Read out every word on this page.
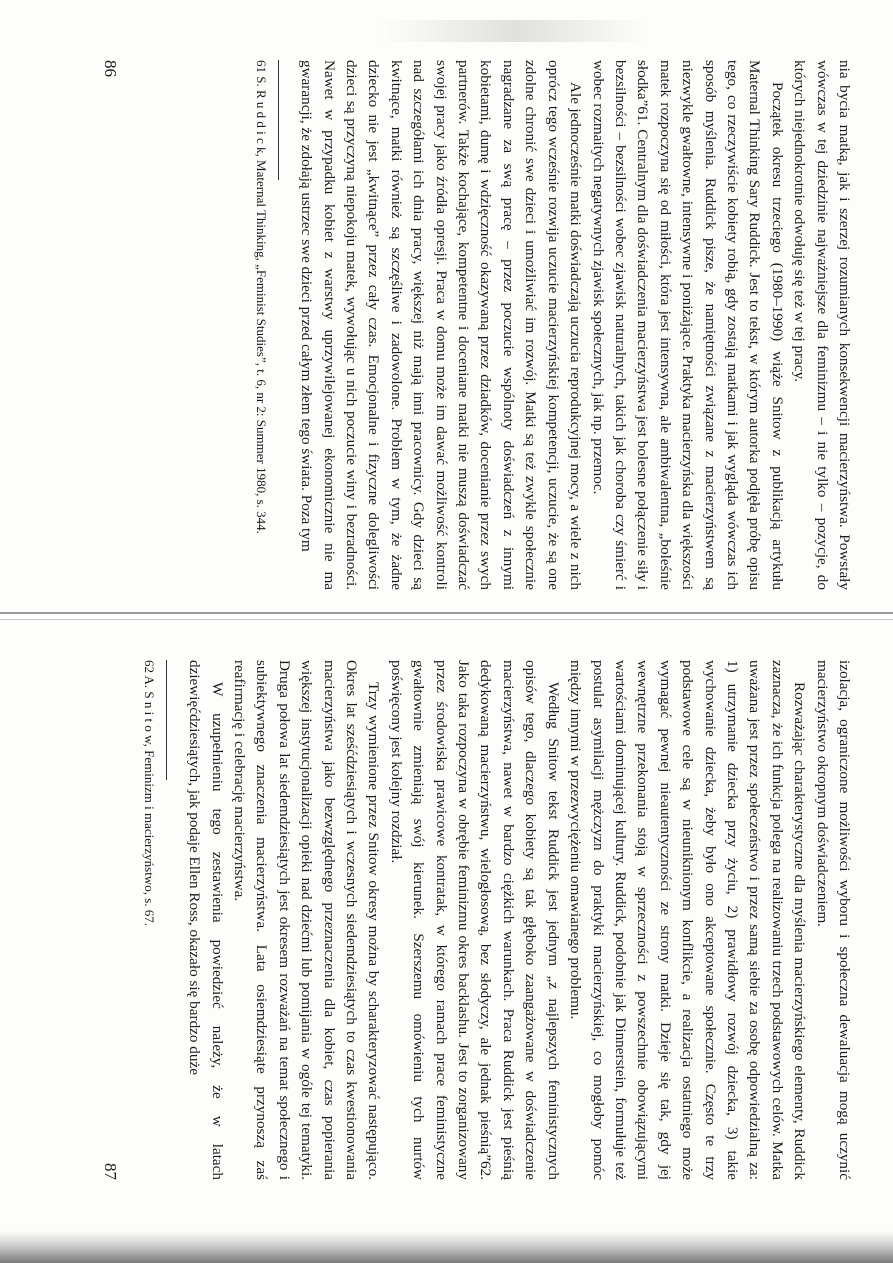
nia bycia matką, jak i szerzej rozumianych konsekwencji macierzyństwa. Powstały wówczas w tej dziedzinie najważniejsze dla feminizmu – i nie tylko – pozycje, do których niejednokrotnie odwołuję się też w tej pracy.

Początek okresu trzeciego (1980–1990) wiąże Snitow z publikacją artykułu Maternal Thinking Sary Ruddick. Jest to tekst, w którym autorka podjęła próbę opisu tego, co rzeczywiście kobiety robią, gdy zostają matkami i jak wygląda wówczas ich sposób myślenia. Ruddick pisze, że namiętności związane z macierzyństwem są niezwykle gwałtowne, intensywne i poniżające. Praktyka macierzyńska dla większości matek rozpoczyna się od miłości, która jest intensywna, ale ambiwalentna, „boleśnie słodka”61. Centralnym dla doświadczenia macierzyństwa jest bolesne połączenie siły i bezsilności – bezsilności wobec zjawisk naturalnych, takich jak choroba czy śmierć i wobec rozmaitych negatywnych zjawisk społecznych, jak np. przemoc.

Ale jednocześnie matki doświadczają uczucia reprodukcyjnej mocy, a wiele z nich oprócz tego wcześnie rozwija uczucie macierzyńskiej kompetencji, uczucie, że są one zdolne chronić swe dzieci i umożliwiać im rozwój. Matki są też zwykle społecznie nagradzane za swą pracę – przez poczucie wspólnoty doświadczeń z innymi kobietami, dumę i wdzięczność okazywaną przez dziadków, docenianie przez swych partnerów. Także kochające, kompetentne i doceniane matki nie muszą doświadczać swojej pracy jako źródła opresji. Praca w domu może im dawać możliwość kontroli nad szczegółami ich dnia pracy, większej niż mają inni pracownicy. Gdy dzieci są kwitnące, matki również są szczęśliwe i zadowolone. Problem w tym, że żadne dziecko nie jest „kwitnące” przez cały czas. Emocjonalne i fizyczne dolegliwości dzieci są przyczyną niepokoju matek, wywołując u nich poczucie winy i bezradności. Nawet w przypadku kobiet z warstwy uprzywilejowanej ekonomicznie nie ma gwarancji, że zdołają ustrzec swe dzieci przed całym złem tego świata. Poza tym

61 S. R u d d i c k, Maternal Thinking, „Feminist Studies”, t. 6, nr 2: Summer 1980, s. 344.
86

izolacja, ograniczone możliwości wyboru i społeczna dewaluacja mogą uczynić macierzyństwo okropnym doświadczeniem.

Rozważając charakterystyczne dla myślenia macierzyńskiego elementy, Ruddick zaznacza, że ich funkcja polega na realizowaniu trzech podstawowych celów. Matka uważana jest przez społeczeństwo i przez samą siebie za osobę odpowiedzialną za: 1) utrzymanie dziecka przy życiu, 2) prawidłowy rozwój dziecka, 3) takie wychowanie dziecka, żeby było ono akceptowane społecznie. Często te trzy podstawowe cele są w nieuniknionym konflikcie, a realizacja ostatniego może wymagać pewnej nieautentyczności ze strony matki. Dzieje się tak, gdy jej wewnętrzne przekonania stoją w sprzeczności z powszechnie obowiązującymi wartościami dominującej kultury. Ruddick, podobnie jak Dinnerstein, formułuje też postulat asymilacji mężczyzn do praktyki macierzyńskiej, co mogłoby pomóc między innymi w przezwyciężeniu omawianego problemu.

Według Snitow tekst Ruddick jest jednym „z najlepszych feministycznych opisów tego, dlaczego kobiety są tak głęboko zaangażowane w doświadczenie macierzyństwa, nawet w bardzo ciężkich warunkach. Praca Ruddick jest pieśnią dedykowaną macierzyństwu, wielogłosową, bez słodyczy, ale jednak pieśnią”62. Jako taka rozpoczyna w obrębie feminizmu okres backlashu. Jest to zorganizowany przez środowiska prawicowe kontratak, w którego ramach prace feministyczne gwałtownie zmieniają swój kierunek. Szerszemu omówieniu tych nurtów poświęcony jest kolejny rozdział.

Trzy wymienione przez Snitow okresy można by scharakteryzować następująco. Okres lat sześćdziesiątych i wczesnych siedemdziesiątych to czas kwestionowania macierzyństwa jako bezwzględnego przeznaczenia dla kobiet, czas popierania większej instytucjonalizacji opieki nad dziećmi lub pomijania w ogóle tej tematyki. Druga połowa lat siedemdziesiątych jest okresem rozważań na temat społecznego i subiektywnego znaczenia macierzyństwa. Lata osiemdziesiąte przynoszą zaś reafirmację i celebrację macierzyństwa.

W uzupełnieniu tego zestawienia powiedzieć należy, że w latach dziewięćdziesiątych, jak podaje Ellen Ross, okazało się bardzo duże

62 A. S n i t o w, Feminizm i macierzyństwo, s. 67.
87
